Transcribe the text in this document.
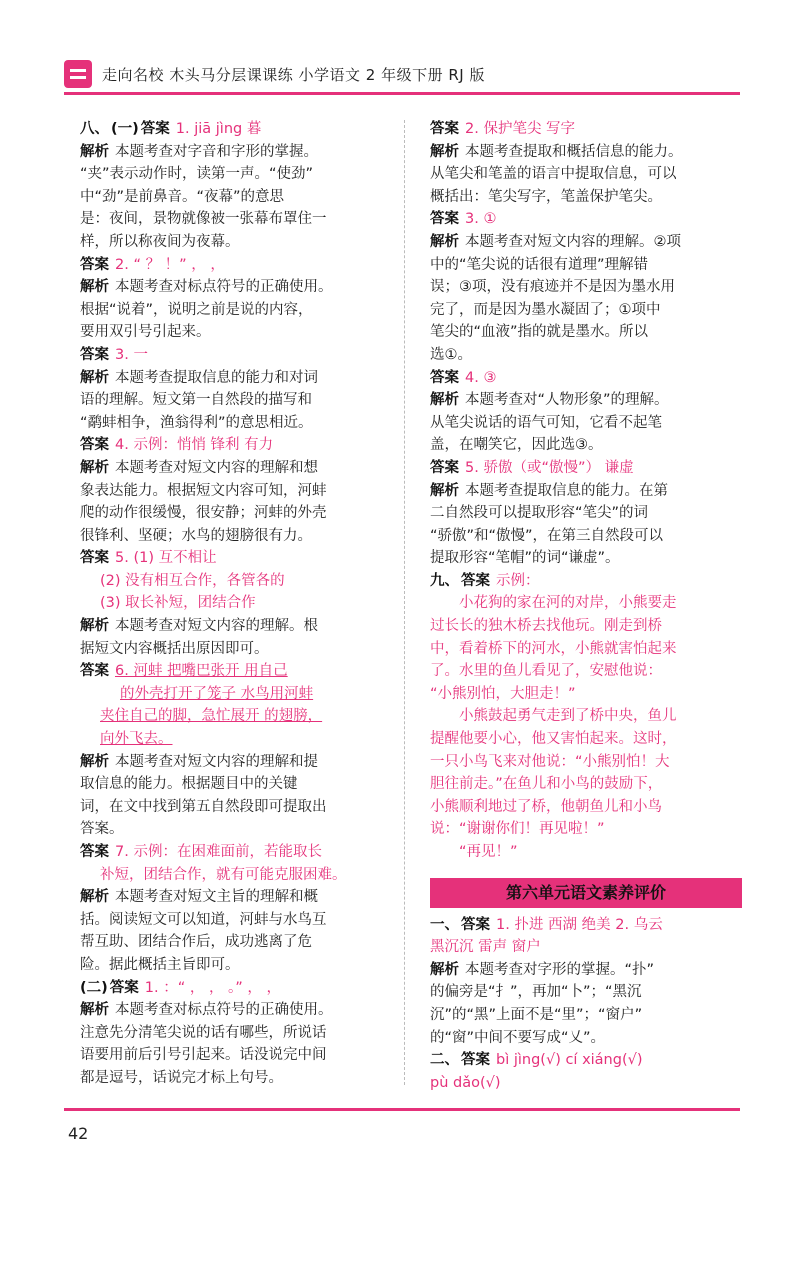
走向名校 木头马分层课课练 小学语文 2 年级下册 RJ 版

八、 (一) 答案 1. jiā jìng 暮

解析 本题考查对字音和字形的掌握。

“夹”表示动作时，读第一声。“使劲”

中“劲”是前鼻音。“夜幕”的意思

是：夜间，景物就像被一张幕布罩住一

样，所以称夜间为夜幕。

答案 2. “ ？ ！” ， ，

解析 本题考查对标点符号的正确使用。

根据“说着”，说明之前是说的内容，

要用双引号引起来。

答案 3. 一

解析 本题考查提取信息的能力和对词

语的理解。短文第一自然段的描写和

“鹬蚌相争，渔翁得利”的意思相近。

答案 4. 示例：悄悄 锋利 有力

解析 本题考查对短文内容的理解和想

象表达能力。根据短文内容可知，河蚌

爬的动作很缓慢，很安静；河蚌的外壳

很锋利、坚硬；水鸟的翅膀很有力。

答案 5. (1) 互不相让

(2) 没有相互合作，各管各的

(3) 取长补短，团结合作

解析 本题考查对短文内容的理解。根

据短文内容概括出原因即可。

答案 6. 河蚌 把嘴巴张开 用自己

的外壳打开了笼子 水鸟用河蚌

夹住自己的脚，急忙展开 的翅膀，

向外飞去。

解析 本题考查对短文内容的理解和提

取信息的能力。根据题目中的关键

词，在文中找到第五自然段即可提取出

答案。

答案 7. 示例：在困难面前，若能取长

补短，团结合作，就有可能克服困难。

解析 本题考查对短文主旨的理解和概

括。阅读短文可以知道，河蚌与水鸟互

帮互助、团结合作后，成功逃离了危

险。据此概括主旨即可。

(二) 答案 1. ：“ ， ， 。” ， ，

解析 本题考查对标点符号的正确使用。

注意先分清笔尖说的话有哪些，所说话

语要用前后引号引起来。话没说完中间

都是逗号，话说完才标上句号。

答案 2. 保护笔尖 写字

解析 本题考查提取和概括信息的能力。

从笔尖和笔盖的语言中提取信息，可以

概括出：笔尖写字，笔盖保护笔尖。

答案 3. ①

解析 本题考查对短文内容的理解。②项

中的“笔尖说的话很有道理”理解错

误；③项，没有痕迹并不是因为墨水用

完了，而是因为墨水凝固了；①项中

笔尖的“血液”指的就是墨水。所以

选①。

答案 4. ③

解析 本题考查对“人物形象”的理解。

从笔尖说话的语气可知，它看不起笔

盖，在嘲笑它，因此选③。

答案 5. 骄傲（或“傲慢”） 谦虚

解析 本题考查提取信息的能力。在第

二自然段可以提取形容“笔尖”的词

“骄傲”和“傲慢”，在第三自然段可以

提取形容“笔帽”的词“谦虚”。

九、 答案 示例：

小花狗的家在河的对岸，小熊要走

过长长的独木桥去找他玩。刚走到桥

中，看着桥下的河水，小熊就害怕起来

了。水里的鱼儿看见了，安慰他说：

“小熊别怕，大胆走！”

小熊鼓起勇气走到了桥中央，鱼儿

提醒他要小心，他又害怕起来。这时，

一只小鸟飞来对他说：“小熊别怕！大

胆往前走。”在鱼儿和小鸟的鼓励下，

小熊顺利地过了桥，他朝鱼儿和小鸟

说：“谢谢你们！再见啦！”

“再见！”

第六单元语文素养评价

一、 答案 1. 扑进 西湖 绝美 2. 乌云

黑沉沉 雷声 窗户

解析 本题考查对字形的掌握。“扑”

的偏旁是“扌”，再加“卜”；“黑沉

沉”的“黑”上面不是“里”；“窗户”

的“窗”中间不要写成“乂”。

二、 答案 bì jìng(√) cí xiáng(√)

pù dǎo(√)

42
